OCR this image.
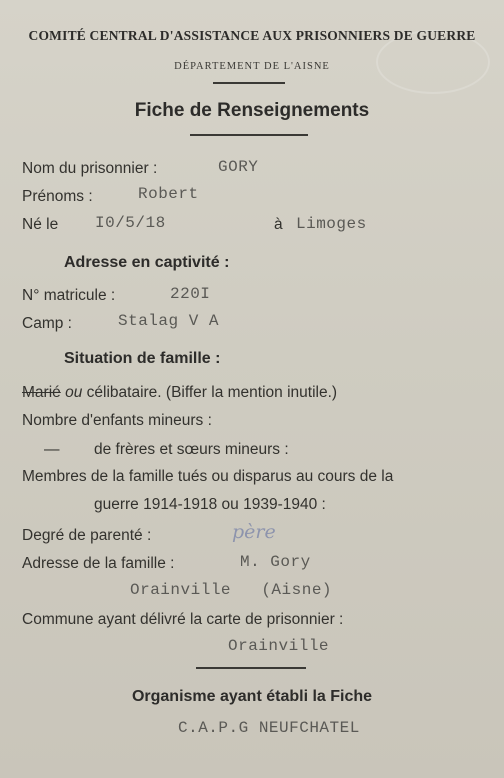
COMITÉ CENTRAL D'ASSISTANCE AUX PRISONNIERS DE GUERRE
DÉPARTEMENT DE L'AISNE
Fiche de Renseignements
Nom du prisonnier :	GORY
Prénoms :	Robert
Né le I0/5/18	à Limoges
Adresse en captivité :
N° matricule :	220I
Camp :	Stalag V A
Situation de famille :
Marié ou célibataire. (Biffer la mention inutile.)
Nombre d'enfants mineurs :
— de frères et sœurs mineurs :
Membres de la famille tués ou disparus au cours de la
guerre 1914-1918 ou 1939-1940 :
Degré de parenté :	père
Adresse de la famille :	M. Gory
Orainville   (Aisne)
Commune ayant délivré la carte de prisonnier :
Orainville
Organisme ayant établi la Fiche
C.A.P.G NEUFCHATEL
